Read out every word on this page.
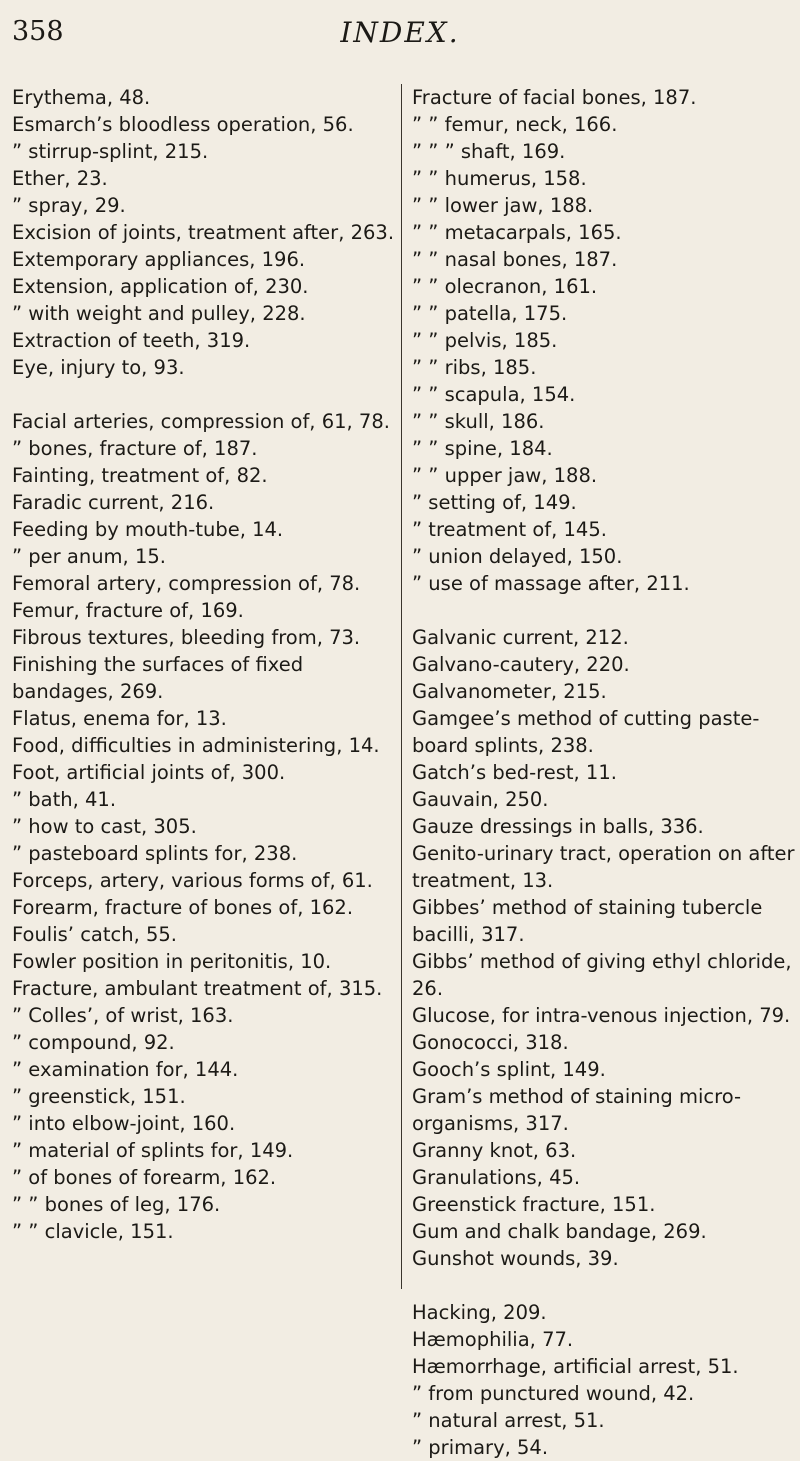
358	INDEX.

Erythema, 48.

Esmarch’s bloodless operation, 56.

” stirrup-splint, 215.

Ether, 23.

” spray, 29.

Excision of joints, treatment after, 263.

Extemporary appliances, 196.

Extension, application of, 230.

” with weight and pulley, 228.

Extraction of teeth, 319.

Eye, injury to, 93.

Facial arteries, compression of, 61, 78.

” bones, fracture of, 187.

Fainting, treatment of, 82.

Faradic current, 216.

Feeding by mouth-tube, 14.

” per anum, 15.

Femoral artery, compression of, 78.

Femur, fracture of, 169.

Fibrous textures, bleeding from, 73.

Finishing the surfaces of fixed bandages, 269.

Flatus, enema for, 13.

Food, difficulties in administering, 14.

Foot, artificial joints of, 300.

” bath, 41.

” how to cast, 305.

” pasteboard splints for, 238.

Forceps, artery, various forms of, 61.

Forearm, fracture of bones of, 162.

Foulis’ catch, 55.

Fowler position in peritonitis, 10.

Fracture, ambulant treatment of, 315.

” Colles’, of wrist, 163.

” compound, 92.

” examination for, 144.

” greenstick, 151.

” into elbow-joint, 160.

” material of splints for, 149.

” of bones of forearm, 162.

” ” bones of leg, 176.

” ” clavicle, 151.

Fracture of facial bones, 187.

” ” femur, neck, 166.

” ” ” shaft, 169.

” ” humerus, 158.

” ” lower jaw, 188.

” ” metacarpals, 165.

” ” nasal bones, 187.

” ” olecranon, 161.

” ” patella, 175.

” ” pelvis, 185.

” ” ribs, 185.

” ” scapula, 154.

” ” skull, 186.

” ” spine, 184.

” ” upper jaw, 188.

” setting of, 149.

” treatment of, 145.

” union delayed, 150.

” use of massage after, 211.

Galvanic current, 212.

Galvano-cautery, 220.

Galvanometer, 215.

Gamgee’s method of cutting paste-board splints, 238.

Gatch’s bed-rest, 11.

Gauvain, 250.

Gauze dressings in balls, 336.

Genito-urinary tract, operation on after treatment, 13.

Gibbes’ method of staining tubercle bacilli, 317.

Gibbs’ method of giving ethyl chloride, 26.

Glucose, for intra-venous injection, 79.

Gonococci, 318.

Gooch’s splint, 149.

Gram’s method of staining micro-organisms, 317.

Granny knot, 63.

Granulations, 45.

Greenstick fracture, 151.

Gum and chalk bandage, 269.

Gunshot wounds, 39.

Hacking, 209.

Hæmophilia, 77.

Hæmorrhage, artificial arrest, 51.

” from punctured wound, 42.

” natural arrest, 51.

” primary, 54.
